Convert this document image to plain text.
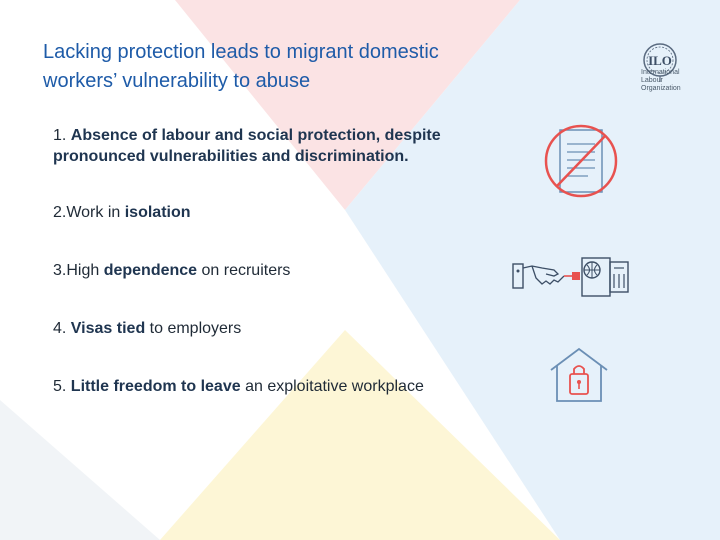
Lacking protection leads to migrant domestic
workers’ vulnerability to abuse
1. Absence of labour and social protection, despite
pronounced vulnerabilities and discrimination.
2.Work in isolation
3.High dependence on recruiters
4. Visas tied to employers
5. Little freedom to leave an exploitative workplace
ILO
International
Labour
Organization
